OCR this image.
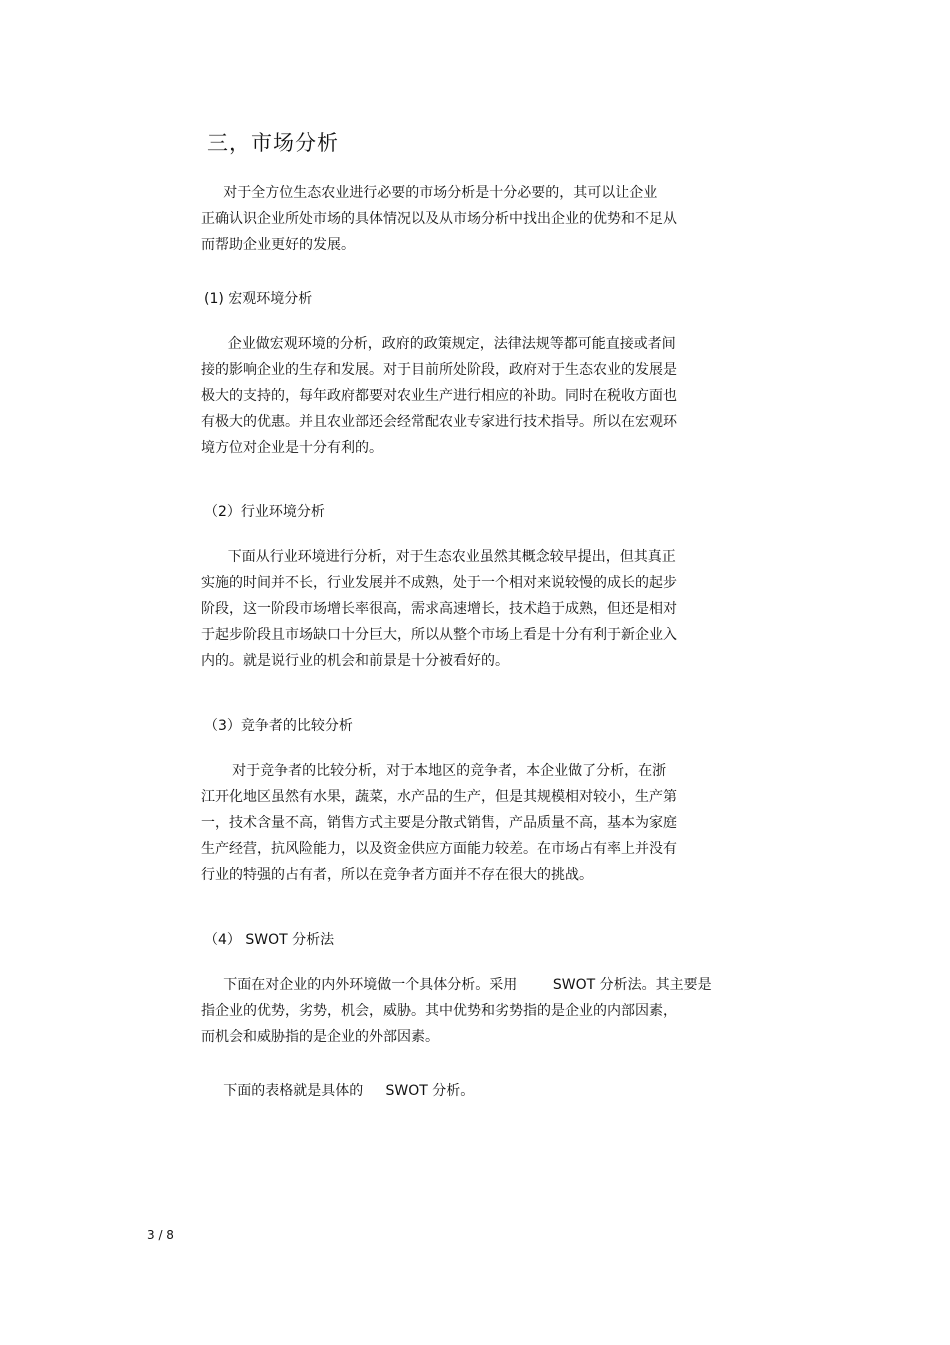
三，市场分析
对于全方位生态农业进行必要的市场分析是十分必要的，其可以让企业
正确认识企业所处市场的具体情况以及从市场分析中找出企业的优势和不足从
而帮助企业更好的发展。
(1) 宏观环境分析
企业做宏观环境的分析，政府的政策规定，法律法规等都可能直接或者间
接的影响企业的生存和发展。对于目前所处阶段，政府对于生态农业的发展是
极大的支持的，每年政府都要对农业生产进行相应的补助。同时在税收方面也
有极大的优惠。并且农业部还会经常配农业专家进行技术指导。所以在宏观环
境方位对企业是十分有利的。
（2）行业环境分析
下面从行业环境进行分析，对于生态农业虽然其概念较早提出，但其真正
实施的时间并不长，行业发展并不成熟，处于一个相对来说较慢的成长的起步
阶段，这一阶段市场增长率很高，需求高速增长，技术趋于成熟，但还是相对
于起步阶段且市场缺口十分巨大，所以从整个市场上看是十分有利于新企业入
内的。就是说行业的机会和前景是十分被看好的。
（3）竞争者的比较分析
对于竞争者的比较分析，对于本地区的竞争者，本企业做了分析，在浙
江开化地区虽然有水果，蔬菜，水产品的生产，但是其规模相对较小，生产第
一，技术含量不高，销售方式主要是分散式销售，产品质量不高，基本为家庭
生产经营，抗风险能力，以及资金供应方面能力较差。在市场占有率上并没有
行业的特强的占有者，所以在竞争者方面并不存在很大的挑战。
（4） SWOT 分析法
下面在对企业的内外环境做一个具体分析。采用        SWOT 分析法。其主要是
指企业的优势，劣势，机会，威胁。其中优势和劣势指的是企业的内部因素，
而机会和威胁指的是企业的外部因素。
下面的表格就是具体的     SWOT 分析。
3 / 8
